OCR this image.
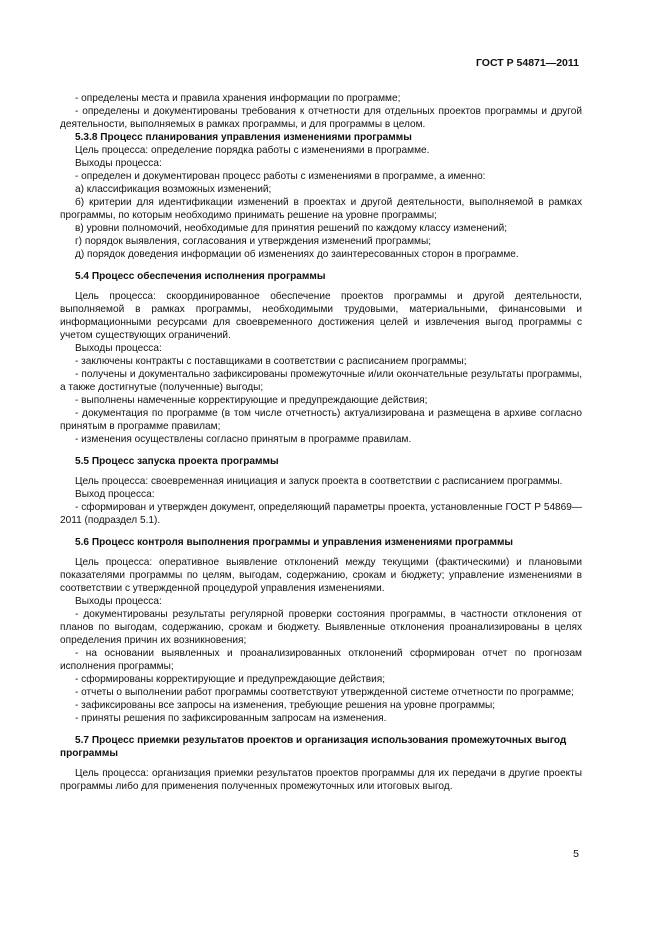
ГОСТ Р 54871—2011

- определены места и правила хранения информации по программе;

- определены и документированы требования к отчетности для отдельных проектов программы и другой деятельности, выполняемых в рамках программы, и для программы в целом.

5.3.8 Процесс планирования управления изменениями программы

Цель процесса: определение порядка работы с изменениями в программе.

Выходы процесса:

- определен и документирован процесс работы с изменениями в программе, а именно:

а) классификация возможных изменений;

б) критерии для идентификации изменений в проектах и другой деятельности, выполняемой в рамках программы, по которым необходимо принимать решение на уровне программы;

в) уровни полномочий, необходимые для принятия решений по каждому классу изменений;

г) порядок выявления, согласования и утверждения изменений программы;

д) порядок доведения информации об изменениях до заинтересованных сторон в программе.

5.4 Процесс обеспечения исполнения программы

Цель процесса: скоординированное обеспечение проектов программы и другой деятельности, выполняемой в рамках программы, необходимыми трудовыми, материальными, финансовыми и информационными ресурсами для своевременного достижения целей и извлечения выгод программы с учетом существующих ограничений.

Выходы процесса:

- заключены контракты с поставщиками в соответствии с расписанием программы;

- получены и документально зафиксированы промежуточные и/или окончательные результаты программы, а также достигнутые (полученные) выгоды;

- выполнены намеченные корректирующие и предупреждающие действия;

- документация по программе (в том числе отчетность) актуализирована и размещена в архиве согласно принятым в программе правилам;

- изменения осуществлены согласно принятым в программе правилам.

5.5 Процесс запуска проекта программы

Цель процесса: своевременная инициация и запуск проекта в соответствии с расписанием программы.

Выход процесса:

- сформирован и утвержден документ, определяющий параметры проекта, установленные ГОСТ Р 54869—2011 (подраздел 5.1).

5.6 Процесс контроля выполнения программы и управления изменениями программы

Цель процесса: оперативное выявление отклонений между текущими (фактическими) и плановыми показателями программы по целям, выгодам, содержанию, срокам и бюджету; управление изменениями в соответствии с утвержденной процедурой управления изменениями.

Выходы процесса:

- документированы результаты регулярной проверки состояния программы, в частности отклонения от планов по выгодам, содержанию, срокам и бюджету. Выявленные отклонения проанализированы в целях определения причин их возникновения;

- на основании выявленных и проанализированных отклонений сформирован отчет по прогнозам исполнения программы;

- сформированы корректирующие и предупреждающие действия;

- отчеты о выполнении работ программы соответствуют утвержденной системе отчетности по программе;

- зафиксированы все запросы на изменения, требующие решения на уровне программы;

- приняты решения по зафиксированным запросам на изменения.

5.7 Процесс приемки результатов проектов и организация использования промежуточных выгод программы

Цель процесса: организация приемки результатов проектов программы для их передачи в другие проекты программы либо для применения полученных промежуточных или итоговых выгод.

5
